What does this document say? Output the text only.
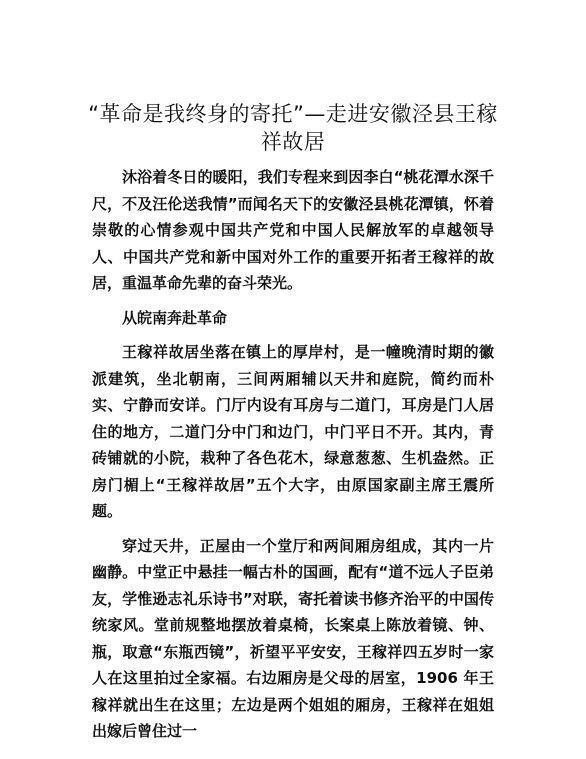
“革命是我终身的寄托”—走进安徽泾县王稼祥故居

沐浴着冬日的暖阳，我们专程来到因李白“桃花潭水深千尺，不及汪伦送我情”而闻名天下的安徽泾县桃花潭镇，怀着崇敬的心情参观中国共产党和中国人民解放军的卓越领导人、中国共产党和新中国对外工作的重要开拓者王稼祥的故居，重温革命先辈的奋斗荣光。

从皖南奔赴革命

王稼祥故居坐落在镇上的厚岸村，是一幢晚清时期的徽派建筑，坐北朝南，三间两厢辅以天井和庭院，简约而朴实、宁静而安详。门厅内设有耳房与二道门，耳房是门人居住的地方，二道门分中门和边门，中门平日不开。其内，青砖铺就的小院，栽种了各色花木，绿意葱葱、生机盎然。正房门楣上“王稼祥故居”五个大字，由原国家副主席王震所题。

穿过天井，正屋由一个堂厅和两间厢房组成，其内一片幽静。中堂正中悬挂一幅古朴的国画，配有“道不远人子臣弟友，学惟逊志礼乐诗书”对联，寄托着读书修齐治平的中国传统家风。堂前规整地摆放着桌椅，长案桌上陈放着镜、钟、瓶，取意“东瓶西镜”，祈望平平安安，王稼祥四五岁时一家人在这里拍过全家福。右边厢房是父母的居室，1906 年王稼祥就出生在这里；左边是两个姐姐的厢房，王稼祥在姐姐出嫁后曾住过一
